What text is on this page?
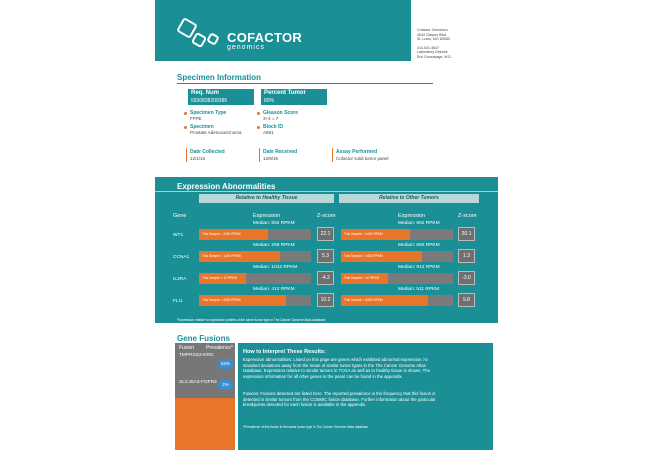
COFACTOR
genomics
Cofactor Genomics
4044 Clayton Blvd
St. Louis, MO 63083
314.531.4647
Laboratory Director
Eric Duncavage, M.D.
Specimen Information
Req. Num
5930838209385
Percent Tumor
80%
Specimen Type
FFPE
Gleason Score
3+4 = 7
Specimen
Prostate Adenocarcinoma
Block ID
A591
Date Collected
12/1/15
Date Received
12/9/15
Assay Performed
Cofactor solid tumor panel
Expression Abnormalities
Relative to Healthy Tissue	Relative to Other Tumors
Gene	Expression	Z-score	Expression	Z-score
WT1
Median: 692 RPKM
This Sample = 2400 RPKM	22.1
Median: 692 RPKM
This Sample = 2400 RPKM	20.1
CCNA1
Median: 259 RPKM
This Sample = 1400 RPKM	5.3
Median: 692 RPKM
This Sample = 1400 RPKM	1.3
IL3RA
Median: 1012 RPKM
This Sample = 10 RPKM	-4.2
Median: 812 RPKM
This Sample = 10 RPKM	-3.0
FLI1
Median: 412 RPKM
This Sample = 4300 RPKM	10.2
Median: 511 RPKM
This Sample = 4300 RPKM	9.8
*Expression relative to expression profiles of the same tumor type in The Cancer Genome Atlas database
Gene Fusions
Fusion Prevalence*
TMPRSS2-ERG
52%
SLC45A3-FGFR2	2%
How to Interpret These Results:
Expression abnormalities: Listed on this page are genes which exhibited abnormal expression >3 standard deviations away from the mean of similar tumor types in the The Cancer Genome Atlas Database. Expression relative to similar tumors in TCGA as well as to healthy tissue is shown. The expression information for all other genes in the panel can be found in the appendix.
Fusions: Fusions detected are listed here. The reported prevalence is the frequency that this fusion is detected in similar tumors from the COSMIC fusion database. Further information about the particular breakpoints detected for each fusion is available in the appendix.
*Prevalence of this fusion in the same tumor type in The Cancer Genome Atlas database
